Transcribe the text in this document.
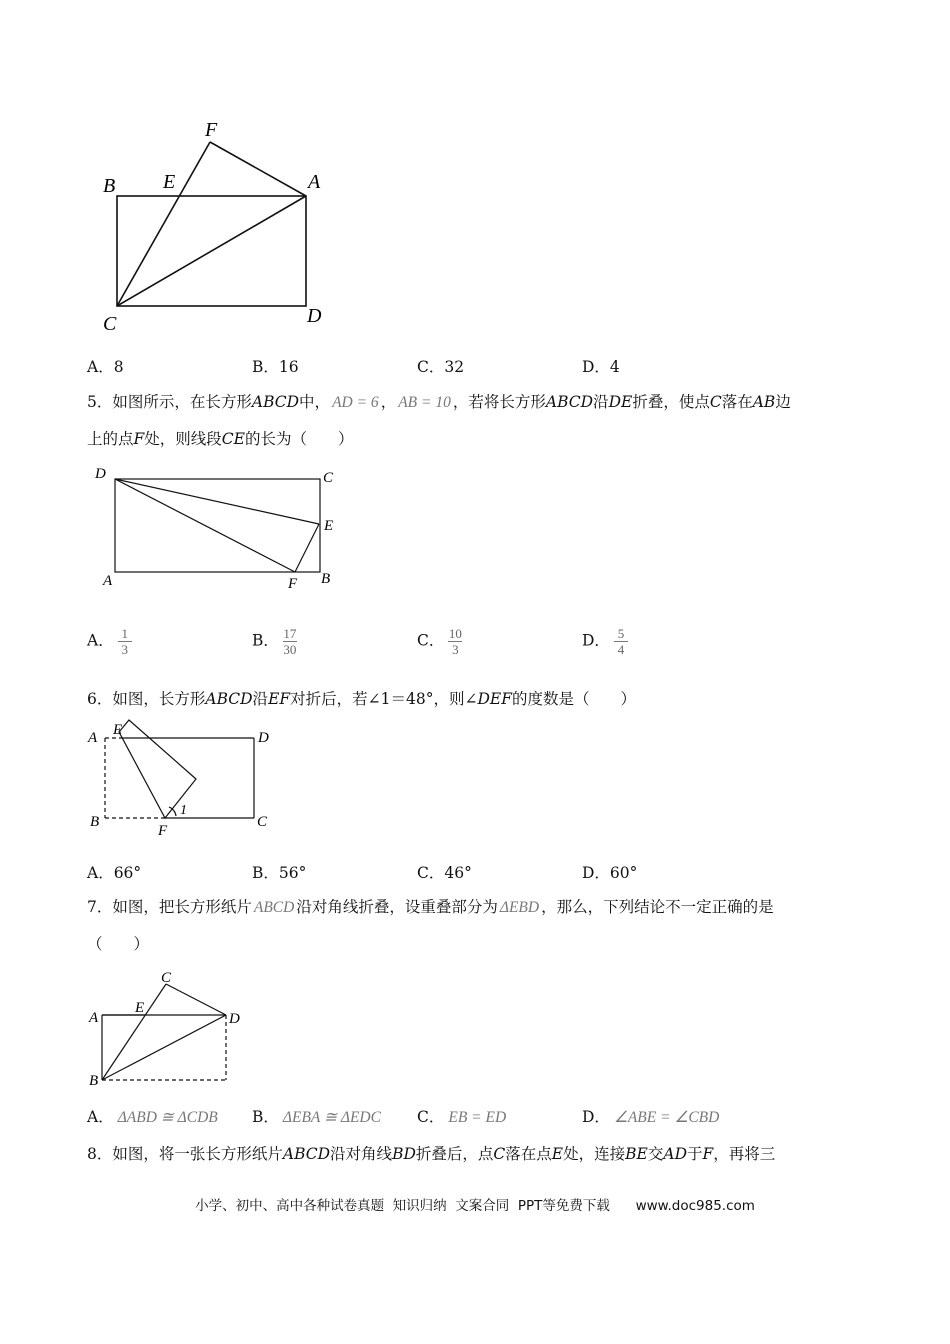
F
E
B	A
C	D
A．8	B．16	C．32	D．4
5．如图所示，在长方形ABCD中， AD = 6 ， AB = 10 ，若将长方形ABCD沿DE折叠，使点C落在AB边
上的点F处，则线段CE的长为（　　）
D	C
E
A	F B
A． $\frac{1}{3}$	B． $\frac{17}{30}$	C． $\frac{10}{3}$	D． $\frac{5}{4}$
6．如图，长方形ABCD沿EF对折后，若∠1＝48°，则∠DEF的度数是（　　）
A E	D
B
F
C
1
A．66°	B．56°	C．46°	D．60°
7．如图，把长方形纸片 ABCD 沿对角线折叠，设重叠部分为 ΔEBD ，那么，下列结论不一定正确的是
（　　）
C
A
E
D
B
A． ΔABD ≅ ΔCDB B． ΔEBA ≅ ΔEDC C． EB = ED	D． ∠ABE = ∠CBD
8．如图，将一张长方形纸片ABCD沿对角线BD折叠后，点C落在点E处，连接BE交AD于F，再将三
小学、初中、高中各种试卷真题  知识归纳  文案合同  PPT等免费下载      www.doc985.com
